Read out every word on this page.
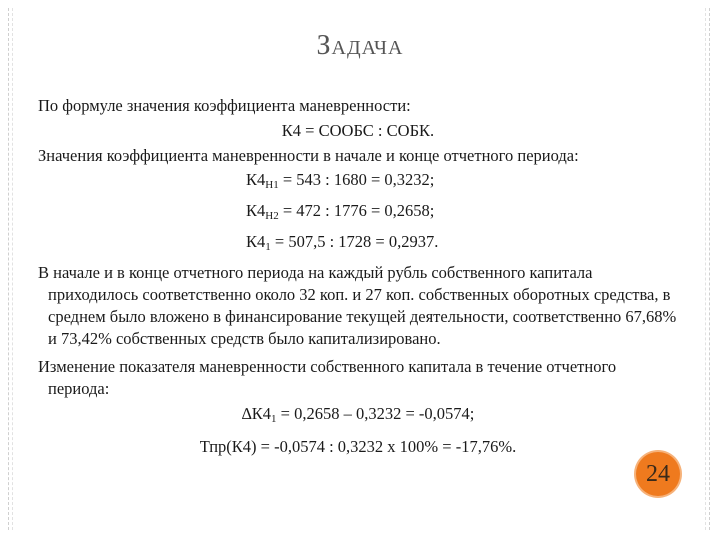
Задача

По формуле значения коэффициента маневренности:

К4 = СООБС : СОБК.

Значения коэффициента маневренности в начале и конце отчетного периода:

$К4_{Н1} = 543$ : 1680 = 0,3232;

$К4_{Н2} = 472$ : 1776 = 0,2658;

$К4_1 = 507,5$ : 1728 = 0,2937.

В начале и в конце отчетного периода на каждый рубль собственного капитала приходилось соответственно около 32 коп. и 27 коп. собственных оборотных средства, в среднем было вложено в финансирование текущей деятельности, соответственно 67,68% и 73,42% собственных средств было капитализировано.

Изменение показателя маневренности собственного капитала в течение отчетного периода:

$\Delta К4_1 = 0,2658 - 0,3232 = -0,0574$;

Тпр(К4) = -0,0574 : 0,3232 х 100% = -17,76%.

24
